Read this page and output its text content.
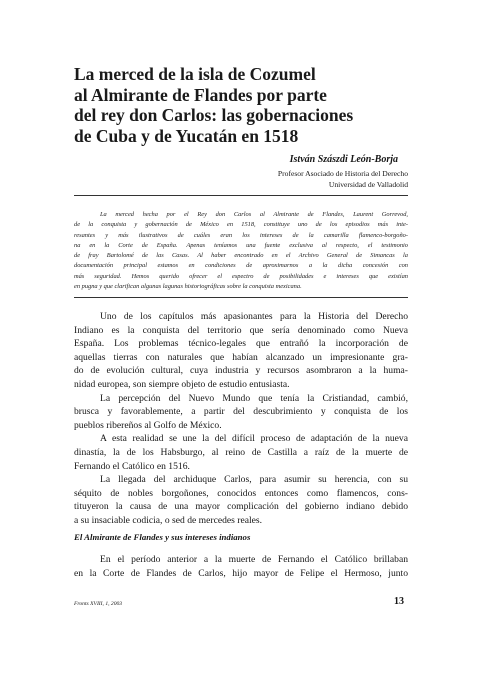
La merced de la isla de Cozumel
al Almirante de Flandes por parte
del rey don Carlos: las gobernaciones
de Cuba y de Yucatán en 1518
István Szászdi León-Borja
Profesor Asociado de Historia del Derecho
Universidad de Valladolid
La merced hecha por el Rey don Carlos al Almirante de Flandes, Laurent Gorrevod,
de la conquista y gobernación de México en 1518, constituye uno de los episodios más inte-
resantes y más ilustrativos de cuáles eran los intereses de la camarilla flamenco-borgoño-
na en la Corte de España. Apenas teníamos una fuente exclusiva al respecto, el testimonio
de fray Bartolomé de las Casas. Al haber encontrado en el Archivo General de Simancas la
documentación principal estamos en condiciones de aproximarnos a la dicha concesión con
más seguridad. Hemos querido ofrecer el espectro de posibilidades e intereses que existían
en pugna y que clarifican algunas lagunas historiográficas sobre la conquista mexicana.
Uno de los capítulos más apasionantes para la Historia del Derecho
Indiano es la conquista del territorio que sería denominado como Nueva
España. Los problemas técnico-legales que entrañó la incorporación de
aquellas tierras con naturales que habían alcanzado un impresionante gra-
do de evolución cultural, cuya industria y recursos asombraron a la huma-
nidad europea, son siempre objeto de estudio entusiasta.
La percepción del Nuevo Mundo que tenía la Cristiandad, cambió,
brusca y favorablemente, a partir del descubrimiento y conquista de los
pueblos ribereños al Golfo de México.
A esta realidad se une la del difícil proceso de adaptación de la nueva
dinastía, la de los Habsburgo, al reino de Castilla a raíz de la muerte de
Fernando el Católico en 1516.
La llegada del archiduque Carlos, para asumir su herencia, con su
séquito de nobles borgoñones, conocidos entonces como flamencos, cons-
tituyeron la causa de una mayor complicación del gobierno indiano debido
a su insaciable codicia, o sed de mercedes reales.
El Almirante de Flandes y sus intereses indianos
En el período anterior a la muerte de Fernando el Católico brillaban
en la Corte de Flandes de Carlos, hijo mayor de Felipe el Hermoso, junto
Fronts XVIII, 1, 2003	13
